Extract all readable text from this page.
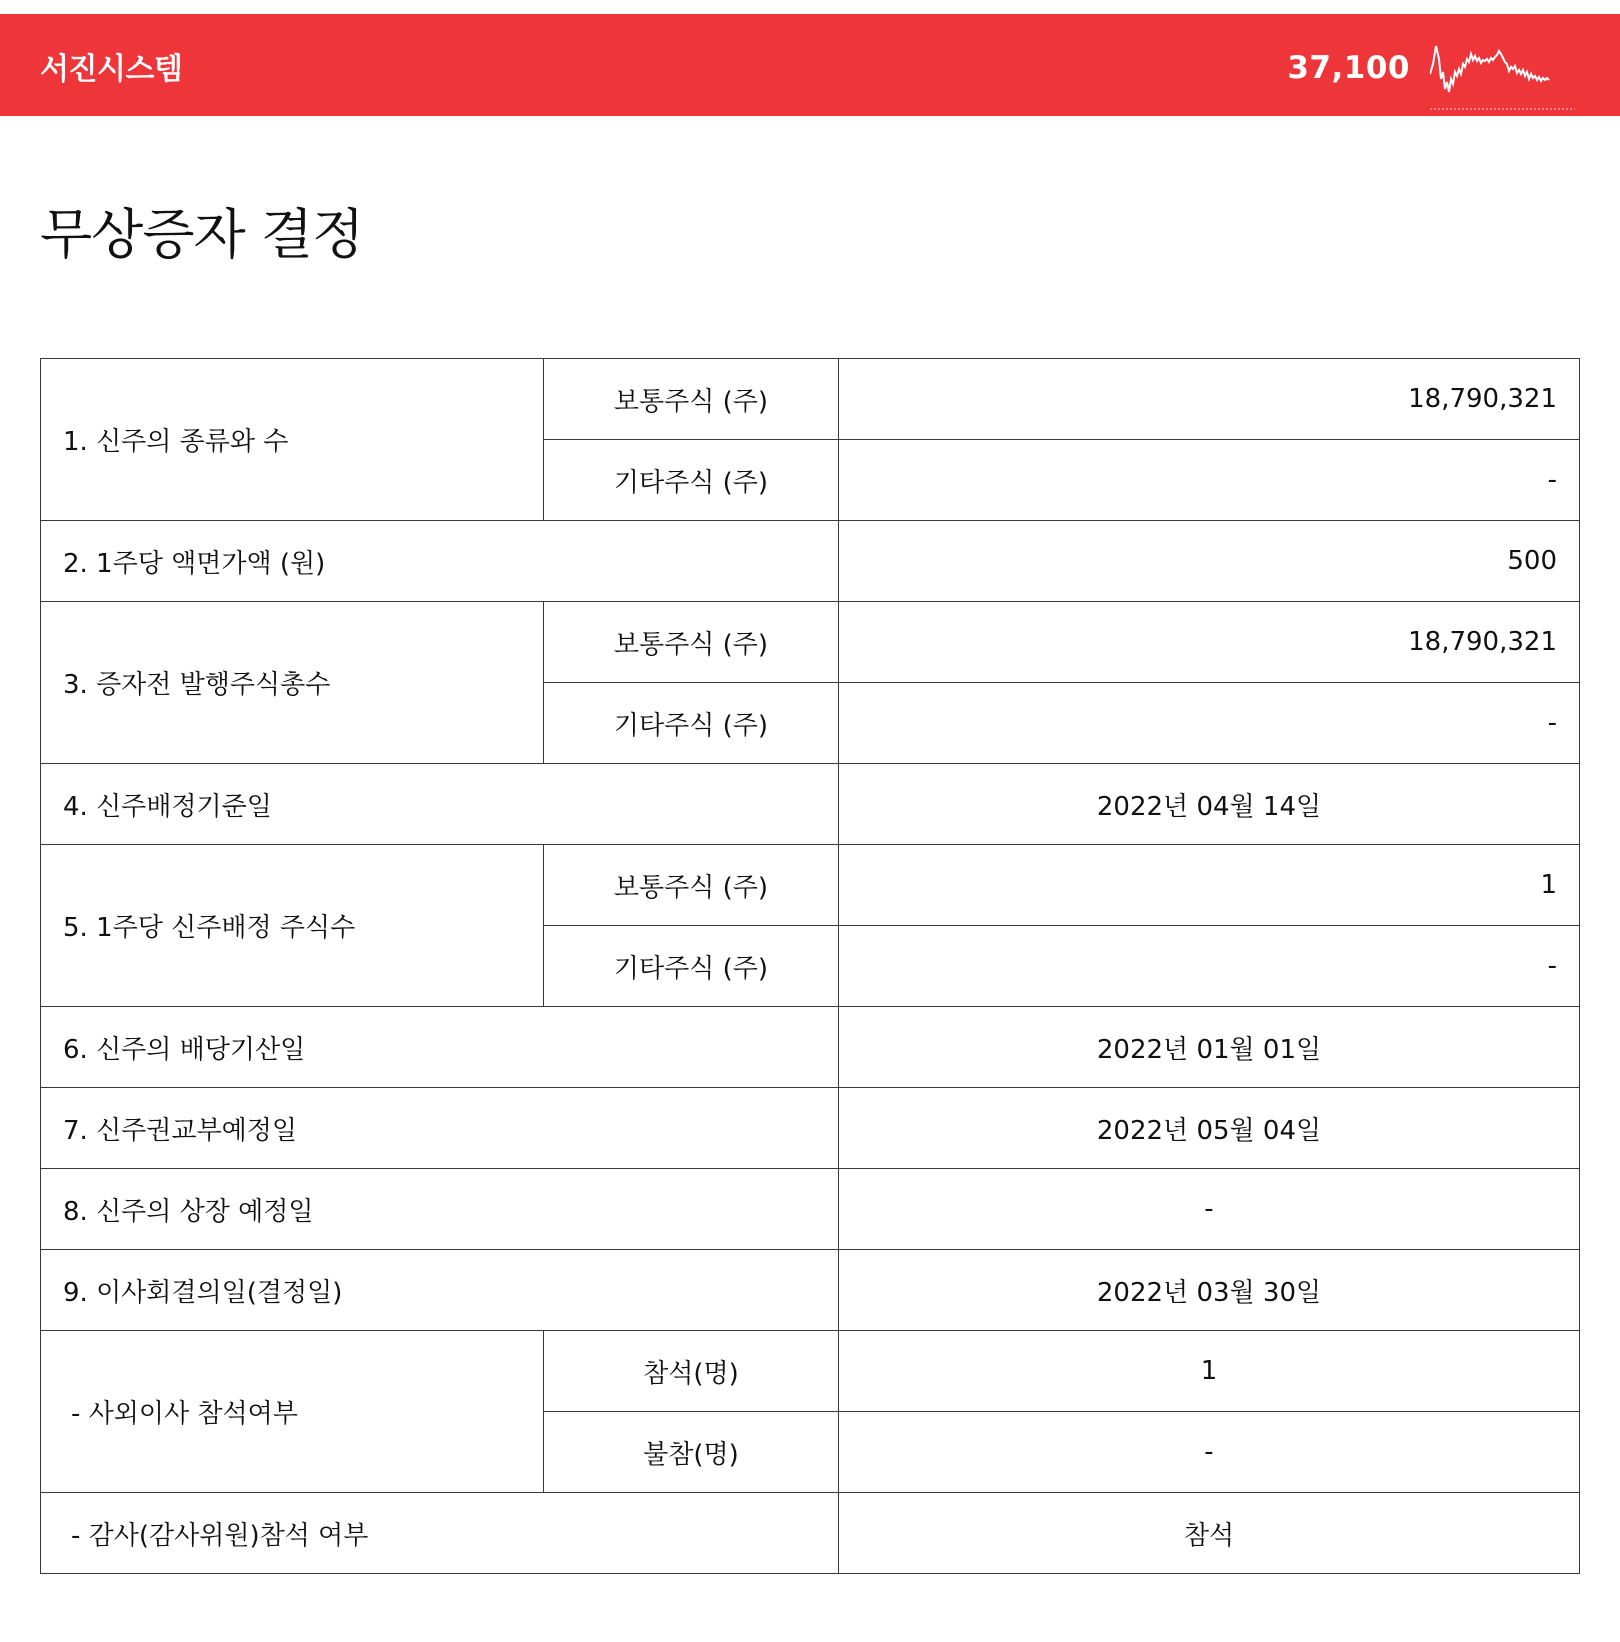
서진시스템	37,100
무상증자 결정
1. 신주의 종류와 수	보통주식 (주)	18,790,321
	기타주식 (주)	-
2. 1주당 액면가액 (원)		500
3. 증자전 발행주식총수	보통주식 (주)	18,790,321
	기타주식 (주)	-
4. 신주배정기준일		2022년 04월 14일
5. 1주당 신주배정 주식수	보통주식 (주)	1
	기타주식 (주)	-
6. 신주의 배당기산일		2022년 01월 01일
7. 신주권교부예정일		2022년 05월 04일
8. 신주의 상장 예정일		-
9. 이사회결의일(결정일)		2022년 03월 30일
- 사외이사 참석여부	참석(명)	1
	불참(명)	-
- 감사(감사위원)참석 여부		참석
